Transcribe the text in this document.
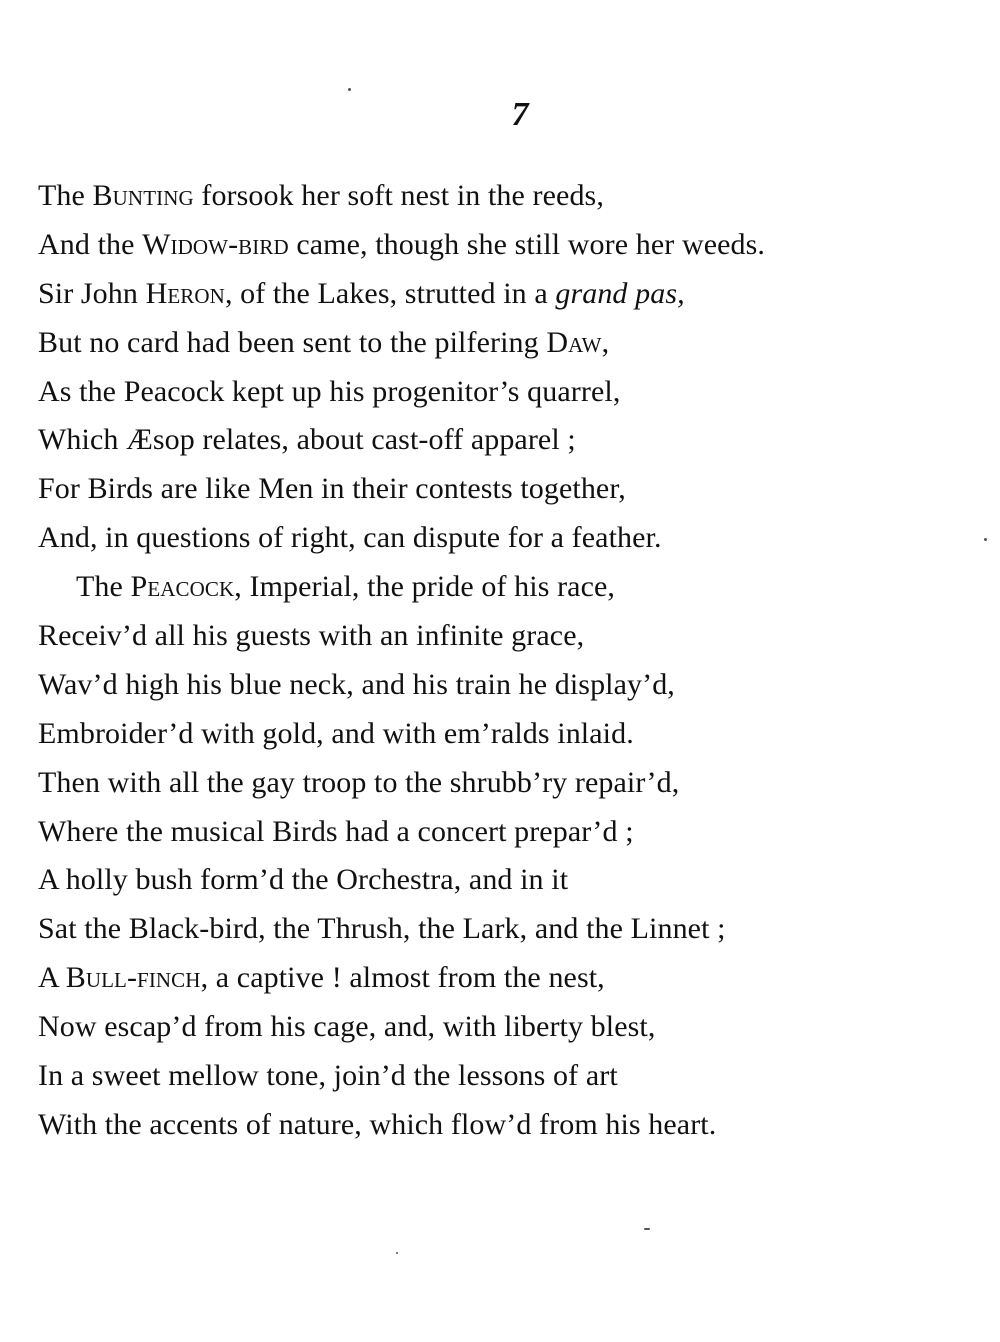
7
The Bunting forsook her soft nest in the reeds,
And the Widow-bird came, though she still wore her weeds.
Sir John Heron, of the Lakes, strutted in a grand pas,
But no card had been sent to the pilfering Daw,
As the Peacock kept up his progenitor’s quarrel,
Which Æsop relates, about cast-off apparel ;
For Birds are like Men in their contests together,
And, in questions of right, can dispute for a feather.
The Peacock, Imperial, the pride of his race,
Receiv’d all his guests with an infinite grace,
Wav’d high his blue neck, and his train he display’d,
Embroider’d with gold, and with em’ralds inlaid.
Then with all the gay troop to the shrubb’ry repair’d,
Where the musical Birds had a concert prepar’d ;
A holly bush form’d the Orchestra, and in it
Sat the Black-bird, the Thrush, the Lark, and the Linnet ;
A Bull-finch, a captive ! almost from the nest,
Now escap’d from his cage, and, with liberty blest,
In a sweet mellow tone, join’d the lessons of art
With the accents of nature, which flow’d from his heart.
